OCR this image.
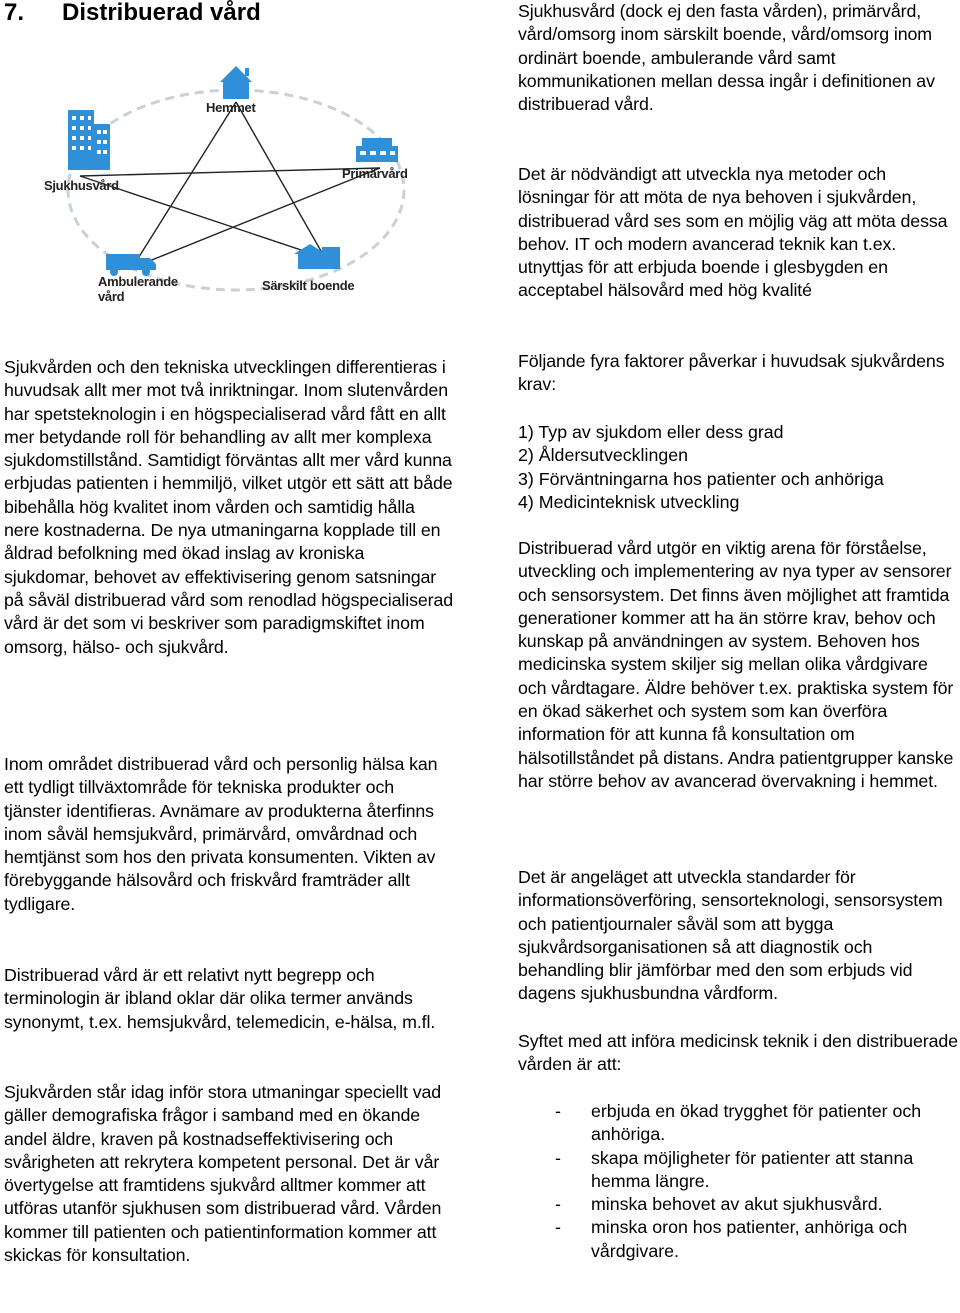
7. Distribuerad vård
Hemmet
Sjukhusvård
Primärvård
Ambulerande
vård
Särskilt boende

Sjukvården och den tekniska utvecklingen differentieras i huvudsak allt mer mot två inriktningar. Inom slutenvården har spetsteknologin i en högspecialiserad vård fått en allt mer betydande roll för behandling av allt mer komplexa sjukdomstillstånd. Samtidigt förväntas allt mer vård kunna erbjudas patienten i hemmiljö, vilket utgör ett sätt att både bibehålla hög kvalitet inom vården och samtidig hålla nere kostnaderna. De nya utmaningarna kopplade till en åldrad befolkning med ökad inslag av kroniska sjukdomar, behovet av effektivisering genom satsningar på såväl distribuerad vård som renodlad högspecialiserad vård är det som vi beskriver som paradigmskiftet inom omsorg, hälso- och sjukvård.

Inom området distribuerad vård och personlig hälsa kan ett tydligt tillväxtområde för tekniska produkter och tjänster identifieras. Avnämare av produkterna återfinns inom såväl hemsjukvård, primärvård, omvårdnad och hemtjänst som hos den privata konsumenten. Vikten av förebyggande hälsovård och friskvård framträder allt tydligare.

Distribuerad vård är ett relativt nytt begrepp och terminologin är ibland oklar där olika termer används synonymt, t.ex. hemsjukvård, telemedicin, e-hälsa, m.fl.

Sjukvården står idag inför stora utmaningar speciellt vad gäller demografiska frågor i samband med en ökande andel äldre, kraven på kostnadseffektivisering och svårigheten att rekrytera kompetent personal. Det är vår övertygelse att framtidens sjukvård alltmer kommer att utföras utanför sjukhusen som distribuerad vård. Vården kommer till patienten och patientinformation kommer att skickas för konsultation.

Sjukhusvård (dock ej den fasta vården), primärvård, vård/omsorg inom särskilt boende, vård/omsorg inom ordinärt boende, ambulerande vård samt kommunikationen mellan dessa ingår i definitionen av distribuerad vård.

Det är nödvändigt att utveckla nya metoder och lösningar för att möta de nya behoven i sjukvården, distribuerad vård ses som en möjlig väg att möta dessa behov. IT och modern avancerad teknik kan t.ex. utnyttjas för att erbjuda boende i glesbygden en acceptabel hälsovård med hög kvalité

Följande fyra faktorer påverkar i huvudsak sjukvårdens krav:

1) Typ av sjukdom eller dess grad
2) Åldersutvecklingen
3) Förväntningarna hos patienter och anhöriga
4) Medicinteknisk utveckling

Distribuerad vård utgör en viktig arena för förståelse, utveckling och implementering av nya typer av sensorer och sensorsystem. Det finns även möjlighet att framtida generationer kommer att ha än större krav, behov och kunskap på användningen av system. Behoven hos medicinska system skiljer sig mellan olika vårdgivare och vårdtagare. Äldre behöver t.ex. praktiska system för en ökad säkerhet och system som kan överföra information för att kunna få konsultation om hälsotillståndet på distans. Andra patientgrupper kanske har större behov av avancerad övervakning i hemmet.

Det är angeläget att utveckla standarder för informationsöverföring, sensorteknologi, sensorsystem och patientjournaler såväl som att bygga sjukvårdsorganisationen så att diagnostik och behandling blir jämförbar med den som erbjuds vid dagens sjukhusbundna vårdform.

Syftet med att införa medicinsk teknik i den distribuerade vården är att:

- erbjuda en ökad trygghet för patienter och anhöriga.
- skapa möjligheter för patienter att stanna hemma längre.
- minska behovet av akut sjukhusvård.
- minska oron hos patienter, anhöriga och vårdgivare.
